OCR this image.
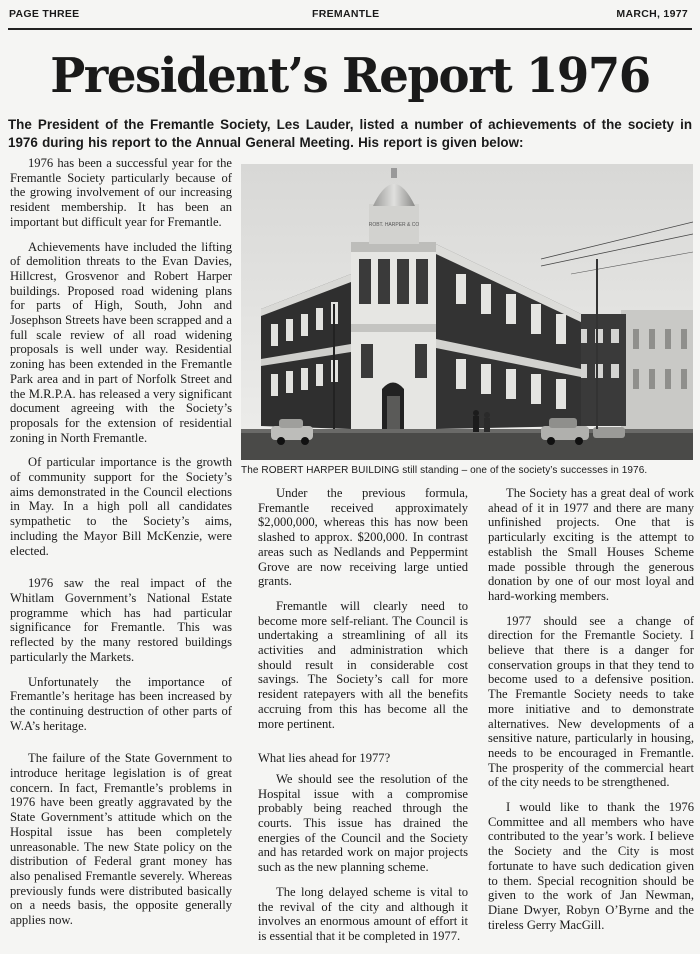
PAGE THREE	FREMANTLE	MARCH, 1977
President’s Report 1976
The President of the Fremantle Society, Les Lauder, listed a number of achievements of the society in 1976 during his report to the Annual General Meeting. His report is given below:

1976 has been a successful year for the Fremantle Society particularly because of the growing involvement of our increasing resident membership. It has been an important but difficult year for Fremantle.

Achievements have included the lifting of demolition threats to the Evan Davies, Hillcrest, Grosvenor and Robert Harper buildings. Proposed road widening plans for parts of High, South, John and Josephson Streets have been scrapped and a full scale review of all road widening proposals is well under way. Residential zoning has been extended in the Fremantle Park area and in part of Norfolk Street and the M.R.P.A. has released a very significant document agreeing with the Society’s proposals for the extension of residential zoning in North Fremantle.

Of particular importance is the growth of community support for the Society’s aims demonstrated in the Council elections in May. In a high poll all candidates sympathetic to the Society’s aims, including the Mayor Bill McKenzie, were elected.

1976 saw the real impact of the Whitlam Government’s National Estate programme which has had particular significance for Fremantle. This was reflected by the many restored buildings particularly the Markets.

Unfortunately the importance of Fremantle’s heritage has been increased by the continuing destruction of other parts of W.A’s heritage.

The failure of the State Government to introduce heritage legislation is of great concern. In fact, Fremantle’s problems in 1976 have been greatly aggravated by the State Government’s attitude which on the Hospital issue has been completely unreasonable. The new State policy on the distribution of Federal grant money has also penalised Fremantle severely. Whereas previously funds were distributed basically on a needs basis, the opposite generally applies now.

ROBT. HARPER & CO
The ROBERT HARPER BUILDING still standing – one of the society’s successes in 1976.

Under the previous formula, Fremantle received approximately $2,000,000, whereas this has now been slashed to approx. $200,000. In contrast areas such as Nedlands and Peppermint Grove are now receiving large untied grants.

Fremantle will clearly need to become more self-reliant. The Council is undertaking a streamlining of all its activities and administration which should result in considerable cost savings. The Society’s call for more resident ratepayers with all the benefits accruing from this has become all the more pertinent.

What lies ahead for 1977?

We should see the resolution of the Hospital issue with a compromise probably being reached through the courts. This issue has drained the energies of the Council and the Society and has retarded work on major projects such as the new planning scheme.

The long delayed scheme is vital to the revival of the city and although it involves an enormous amount of effort it is essential that it be completed in 1977.

The Society has a great deal of work ahead of it in 1977 and there are many unfinished projects. One that is particularly exciting is the attempt to establish the Small Houses Scheme made possible through the generous donation by one of our most loyal and hard-working members.

1977 should see a change of direction for the Fremantle Society. I believe that there is a danger for conservation groups in that they tend to become used to a defensive position. The Fremantle Society needs to take more initiative and to demonstrate alternatives. New developments of a sensitive nature, particularly in housing, needs to be encouraged in Fremantle. The prosperity of the commercial heart of the city needs to be strengthened.

I would like to thank the 1976 Committee and all members who have contributed to the year’s work. I believe the Society and the City is most fortunate to have such dedication given to them. Special recognition should be given to the work of Jan Newman, Diane Dwyer, Robyn O’Byrne and the tireless Gerry MacGill.
